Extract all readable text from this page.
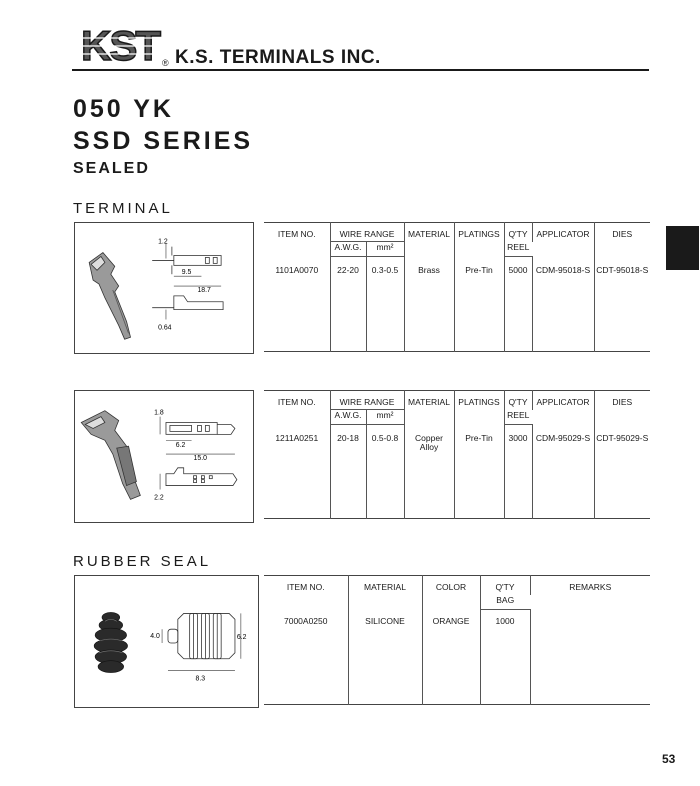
KST ® K.S. TERMINALS INC.
050 YK
SSD SERIES
SEALED
TERMINAL
1.2
9.5
18.7
0.64
ITEM NO.	WIRE RANGE		MATERIAL	PLATINGS	Q'TY	APPLICATOR	DIES
	A.W.G.	mm²			REEL		
1101A0070	22-20	0.3-0.5	Brass	Pre-Tin	5000	CDM-95018-S	CDT-95018-S
1.8
6.2
15.0
2.2
ITEM NO.	WIRE RANGE		MATERIAL	PLATINGS	Q'TY	APPLICATOR	DIES
	A.W.G.	mm²			REEL		
1211A0251	20-18	0.5-0.8	Copper Alloy	Pre-Tin	3000	CDM-95029-S	CDT-95029-S
RUBBER SEAL
4.0	6.2
8.3
ITEM NO.	MATERIAL	COLOR	Q'TY	REMARKS
			BAG	
7000A0250	SILICONE	ORANGE	1000	
53
